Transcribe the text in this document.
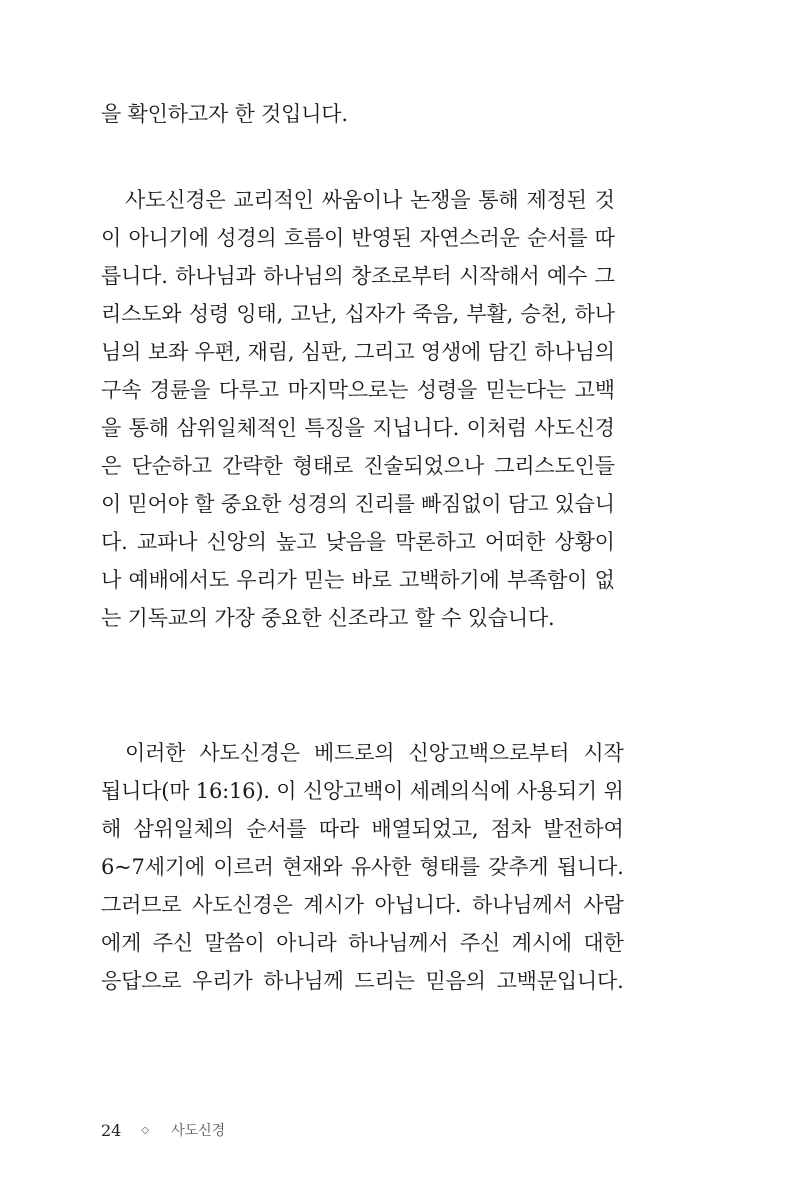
을 확인하고자 한 것입니다.
사도신경은 교리적인 싸움이나 논쟁을 통해 제정된 것
이 아니기에 성경의 흐름이 반영된 자연스러운 순서를 따
릅니다. 하나님과 하나님의 창조로부터 시작해서 예수 그
리스도와 성령 잉태, 고난, 십자가 죽음, 부활, 승천, 하나
님의 보좌 우편, 재림, 심판, 그리고 영생에 담긴 하나님의
구속 경륜을 다루고 마지막으로는 성령을 믿는다는 고백
을 통해 삼위일체적인 특징을 지닙니다. 이처럼 사도신경
은 단순하고 간략한 형태로 진술되었으나 그리스도인들
이 믿어야 할 중요한 성경의 진리를 빠짐없이 담고 있습니
다. 교파나 신앙의 높고 낮음을 막론하고 어떠한 상황이
나 예배에서도 우리가 믿는 바로 고백하기에 부족함이 없
는 기독교의 가장 중요한 신조라고 할 수 있습니다.
이러한 사도신경은 베드로의 신앙고백으로부터 시작
됩니다(마 16:16). 이 신앙고백이 세례의식에 사용되기 위
해 삼위일체의 순서를 따라 배열되었고, 점차 발전하여
6~7세기에 이르러 현재와 유사한 형태를 갖추게 됩니다.
그러므로 사도신경은 계시가 아닙니다. 하나님께서 사람
에게 주신 말씀이 아니라 하나님께서 주신 계시에 대한
응답으로 우리가 하나님께 드리는 믿음의 고백문입니다.
24 ◇ 사도신경
